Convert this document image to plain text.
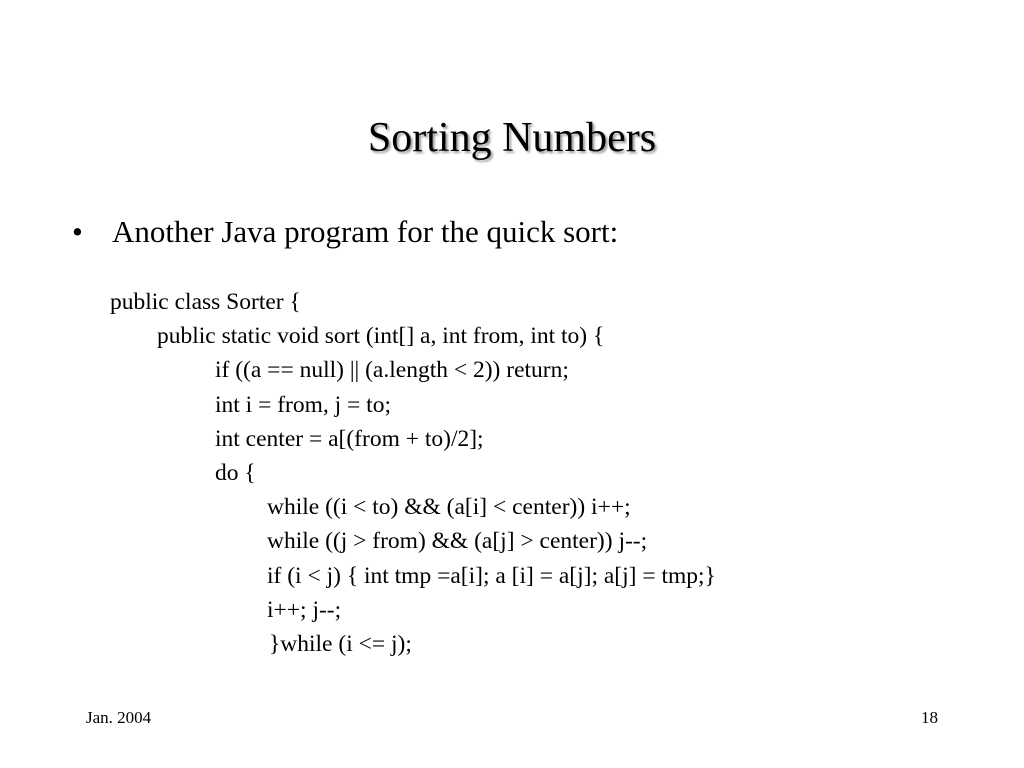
Sorting Numbers
• Another Java program for the quick sort:
public class Sorter {
public static void sort (int[] a, int from, int to) {
if ((a == null) || (a.length < 2)) return;
int i = from, j = to;
int center = a[(from + to)/2];
do {
while ((i < to) && (a[i] < center)) i++;
while ((j > from) && (a[j] > center)) j--;
if (i < j) { int tmp =a[i]; a [i] = a[j]; a[j] = tmp;}
i++; j--;
}while (i <= j);
Jan. 2004	18
